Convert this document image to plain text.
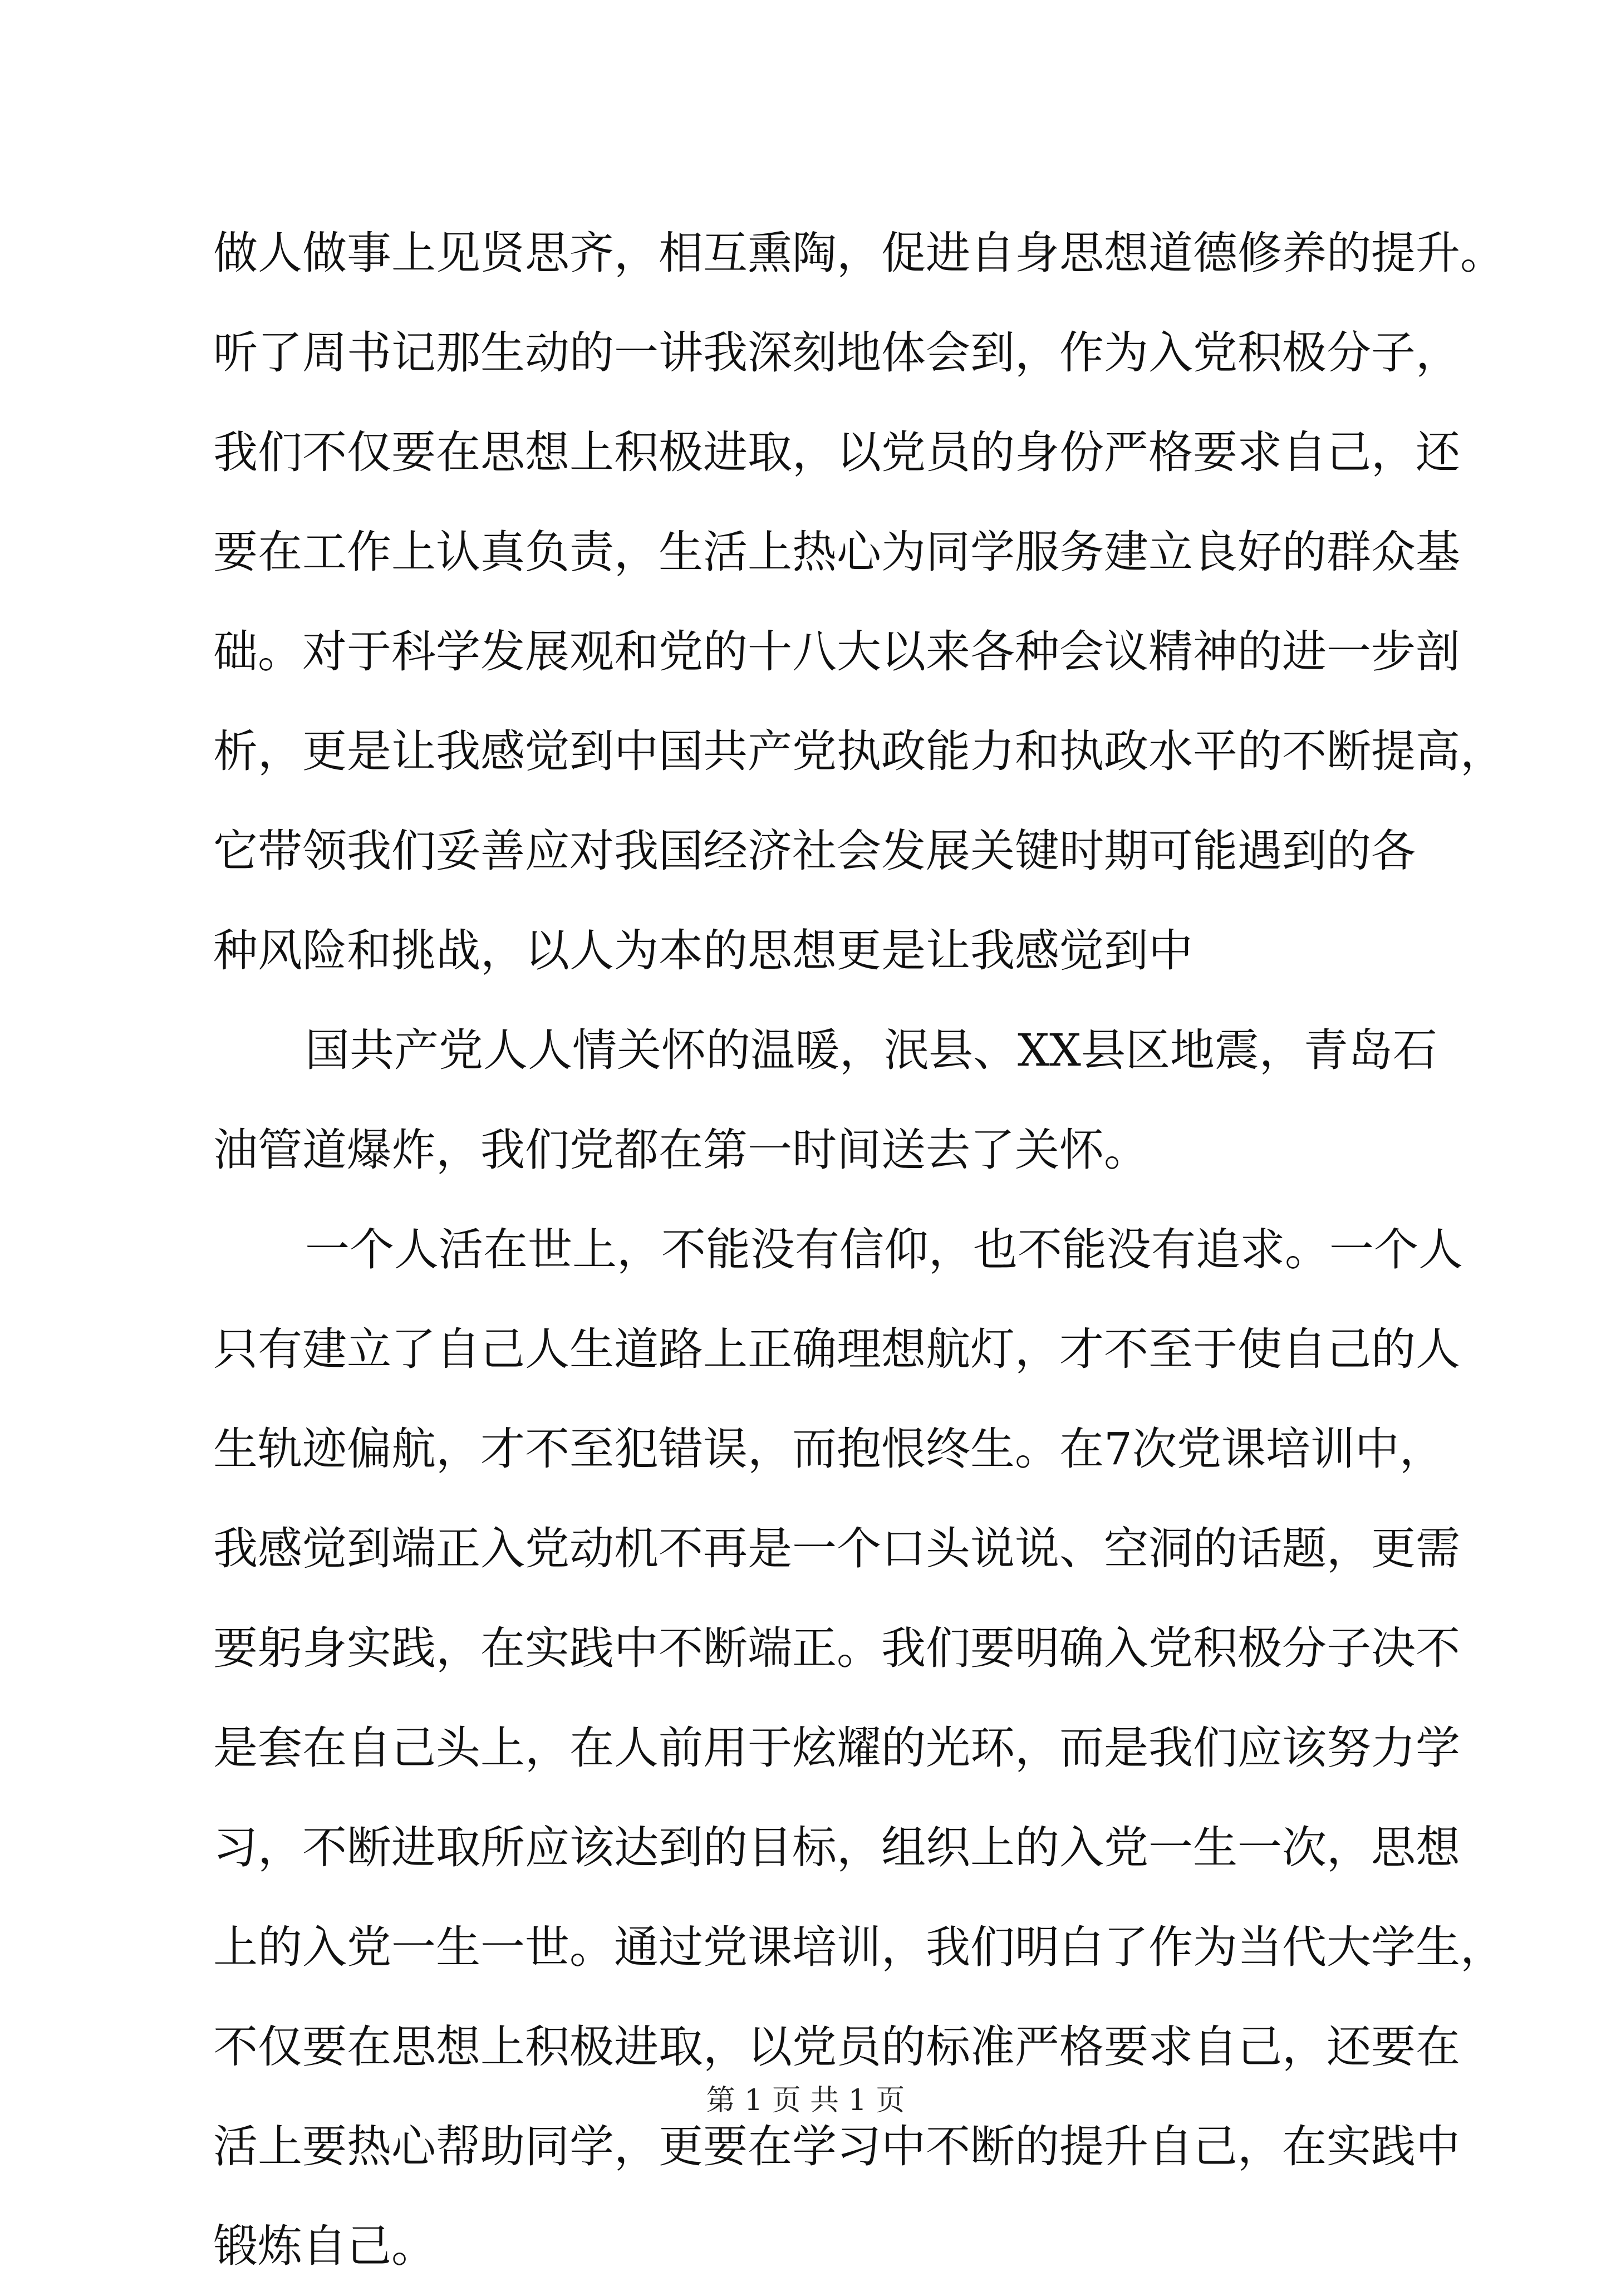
做人做事上见贤思齐，相互熏陶，促进自身思想道德修养的提升。
听了周书记那生动的一讲我深刻地体会到，作为入党积极分子，
我们不仅要在思想上积极进取，以党员的身份严格要求自己，还
要在工作上认真负责，生活上热心为同学服务建立良好的群众基
础。对于科学发展观和党的十八大以来各种会议精神的进一步剖
析，更是让我感觉到中国共产党执政能力和执政水平的不断提高，
它带领我们妥善应对我国经济社会发展关键时期可能遇到的各
种风险和挑战，以人为本的思想更是让我感觉到中
国共产党人人情关怀的温暖，泯县、XX县区地震，青岛石
油管道爆炸，我们党都在第一时间送去了关怀。
一个人活在世上，不能没有信仰，也不能没有追求。一个人
只有建立了自己人生道路上正确理想航灯，才不至于使自己的人
生轨迹偏航，才不至犯错误，而抱恨终生。在7次党课培训中，
我感觉到端正入党动机不再是一个口头说说、空洞的话题，更需
要躬身实践，在实践中不断端正。我们要明确入党积极分子决不
是套在自己头上，在人前用于炫耀的光环，而是我们应该努力学
习，不断进取所应该达到的目标，组织上的入党一生一次，思想
上的入党一生一世。通过党课培训，我们明白了作为当代大学生，
不仅要在思想上积极进取，以党员的标准严格要求自己，还要在
活上要热心帮助同学，更要在学习中不断的提升自己，在实践中
锻炼自己。
第 1 页 共 1 页
